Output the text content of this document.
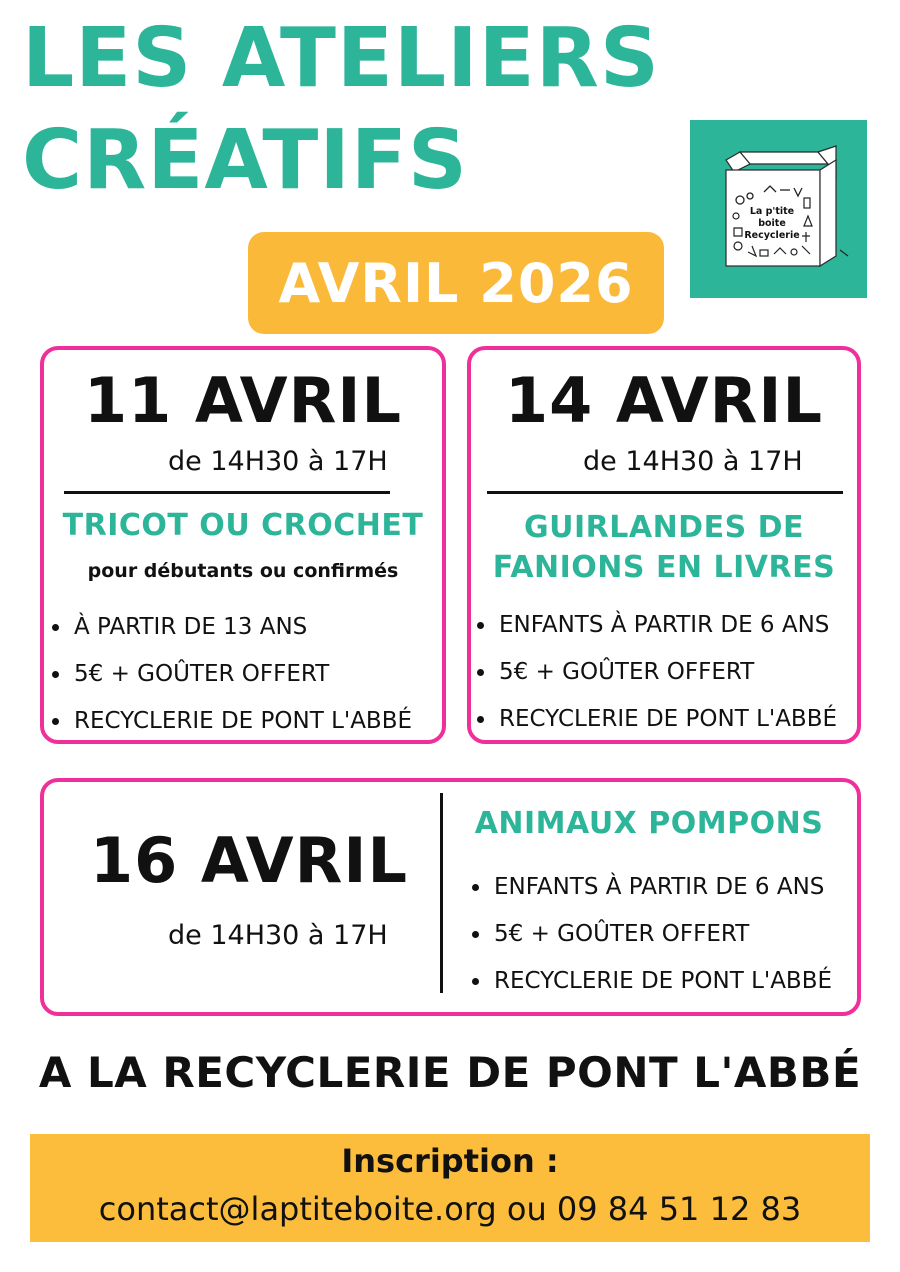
LES ATELIERS
CRÉATIFS
AVRIL 2026
La p'tite
boite
Recyclerie
11 AVRIL
de 14H30 à 17H
TRICOT OU CROCHET
pour débutants ou confirmés
À PARTIR DE 13 ANS
5€ + GOÛTER OFFERT
RECYCLERIE DE PONT L'ABBÉ
14 AVRIL
de 14H30 à 17H
GUIRLANDES DE
FANIONS EN LIVRES
ENFANTS À PARTIR DE 6 ANS
5€ + GOÛTER OFFERT
RECYCLERIE DE PONT L'ABBÉ
16 AVRIL
de 14H30 à 17H
ANIMAUX POMPONS
ENFANTS À PARTIR DE 6 ANS
5€ + GOÛTER OFFERT
RECYCLERIE DE PONT L'ABBÉ
A LA RECYCLERIE DE PONT L'ABBÉ
Inscription :
contact@laptiteboite.org ou 09 84 51 12 83
